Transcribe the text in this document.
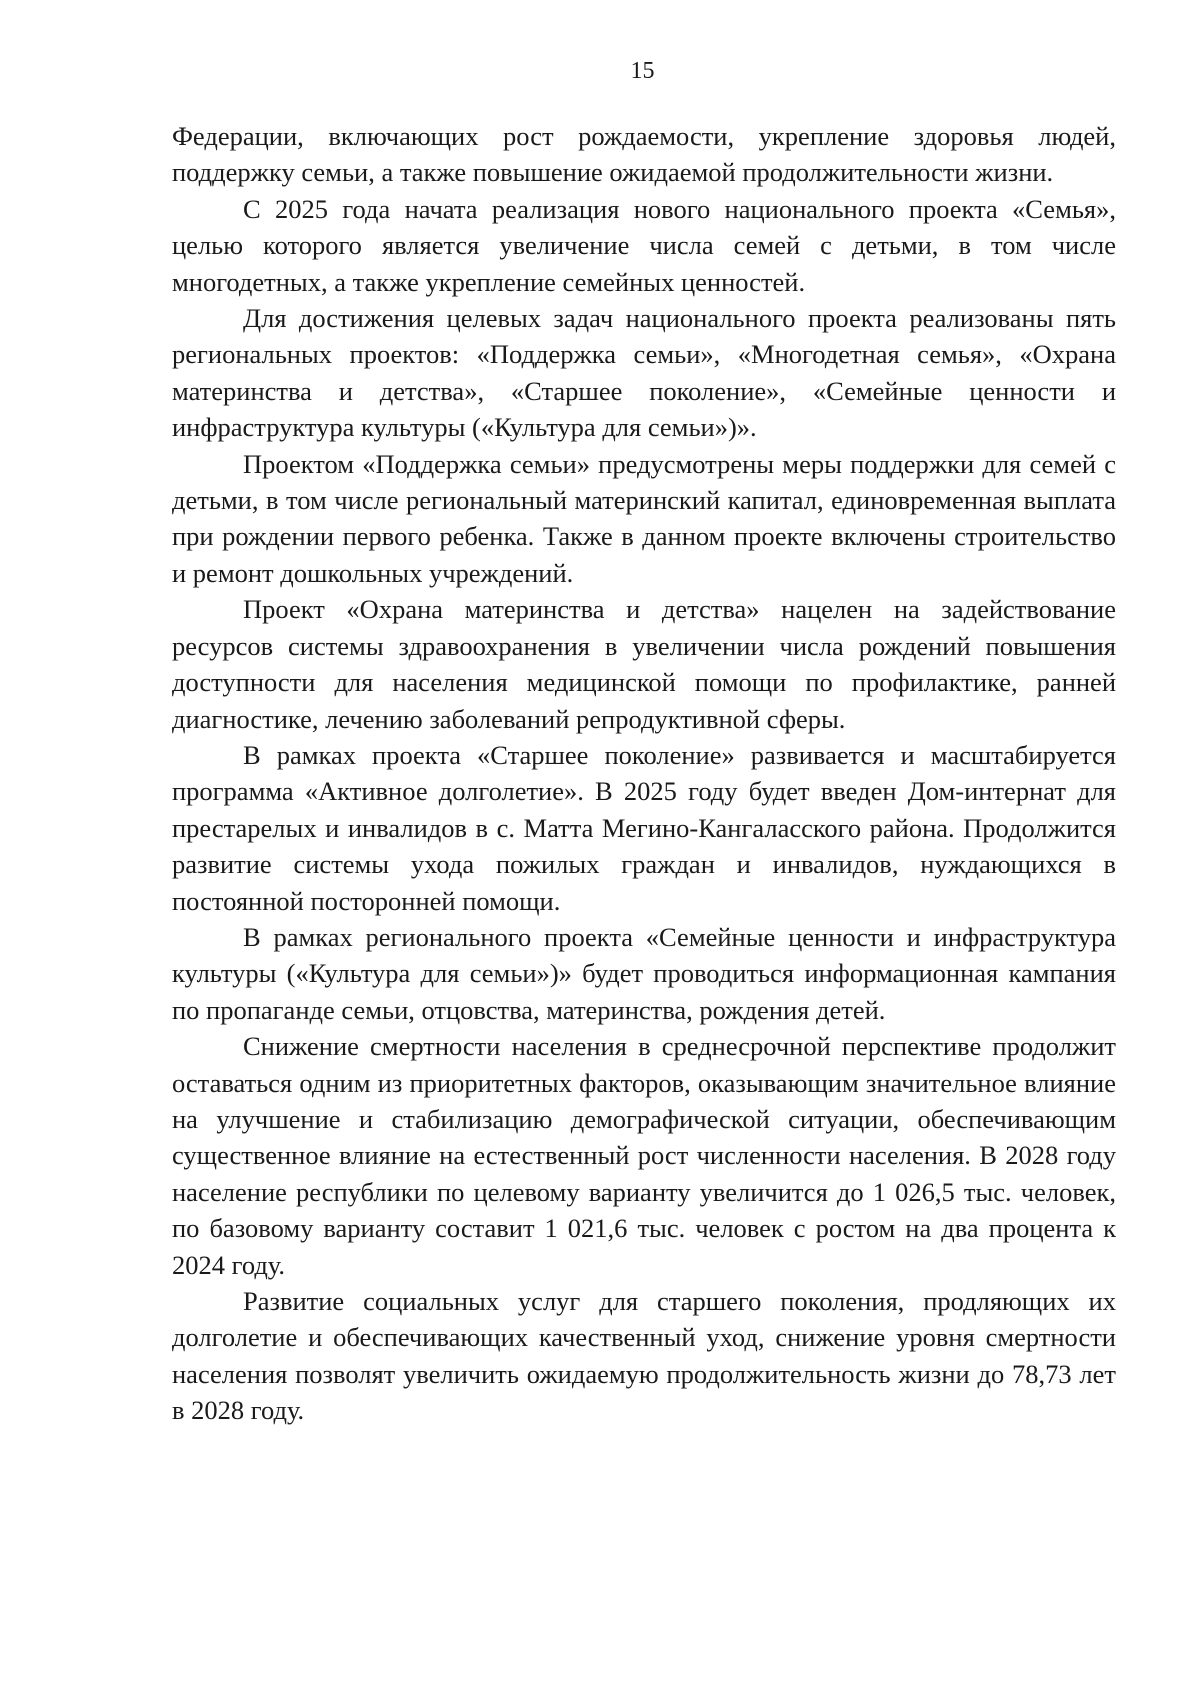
15

Федерации, включающих рост рождаемости, укрепление здоровья людей, поддержку семьи, а также повышение ожидаемой продолжительности жизни.

С 2025 года начата реализация нового национального проекта «Семья», целью которого является увеличение числа семей с детьми, в том числе многодетных, а также укрепление семейных ценностей.

Для достижения целевых задач национального проекта реализованы пять региональных проектов: «Поддержка семьи», «Многодетная семья», «Охрана материнства и детства», «Старшее поколение», «Семейные ценности и инфраструктура культуры («Культура для семьи»)».

Проектом «Поддержка семьи» предусмотрены меры поддержки для семей с детьми, в том числе региональный материнский капитал, единовременная выплата при рождении первого ребенка. Также в данном проекте включены строительство и ремонт дошкольных учреждений.

Проект «Охрана материнства и детства» нацелен на задействование ресурсов системы здравоохранения в увеличении числа рождений повышения доступности для населения медицинской помощи по профилактике, ранней диагностике, лечению заболеваний репродуктивной сферы.

В рамках проекта «Старшее поколение» развивается и масштабируется программа «Активное долголетие». В 2025 году будет введен Дом-интернат для престарелых и инвалидов в с. Матта Мегино-Кангаласского района. Продолжится развитие системы ухода пожилых граждан и инвалидов, нуждающихся в постоянной посторонней помощи.

В рамках регионального проекта «Семейные ценности и инфраструктура культуры («Культура для семьи»)» будет проводиться информационная кампания по пропаганде семьи, отцовства, материнства, рождения детей.

Снижение смертности населения в среднесрочной перспективе продолжит оставаться одним из приоритетных факторов, оказывающим значительное влияние на улучшение и стабилизацию демографической ситуации, обеспечивающим существенное влияние на естественный рост численности населения. В 2028 году население республики по целевому варианту увеличится до 1 026,5 тыс. человек, по базовому варианту составит 1 021,6 тыс. человек с ростом на два процента к 2024 году.

Развитие социальных услуг для старшего поколения, продляющих их долголетие и обеспечивающих качественный уход, снижение уровня смертности населения позволят увеличить ожидаемую продолжительность жизни до 78,73 лет в 2028 году.
